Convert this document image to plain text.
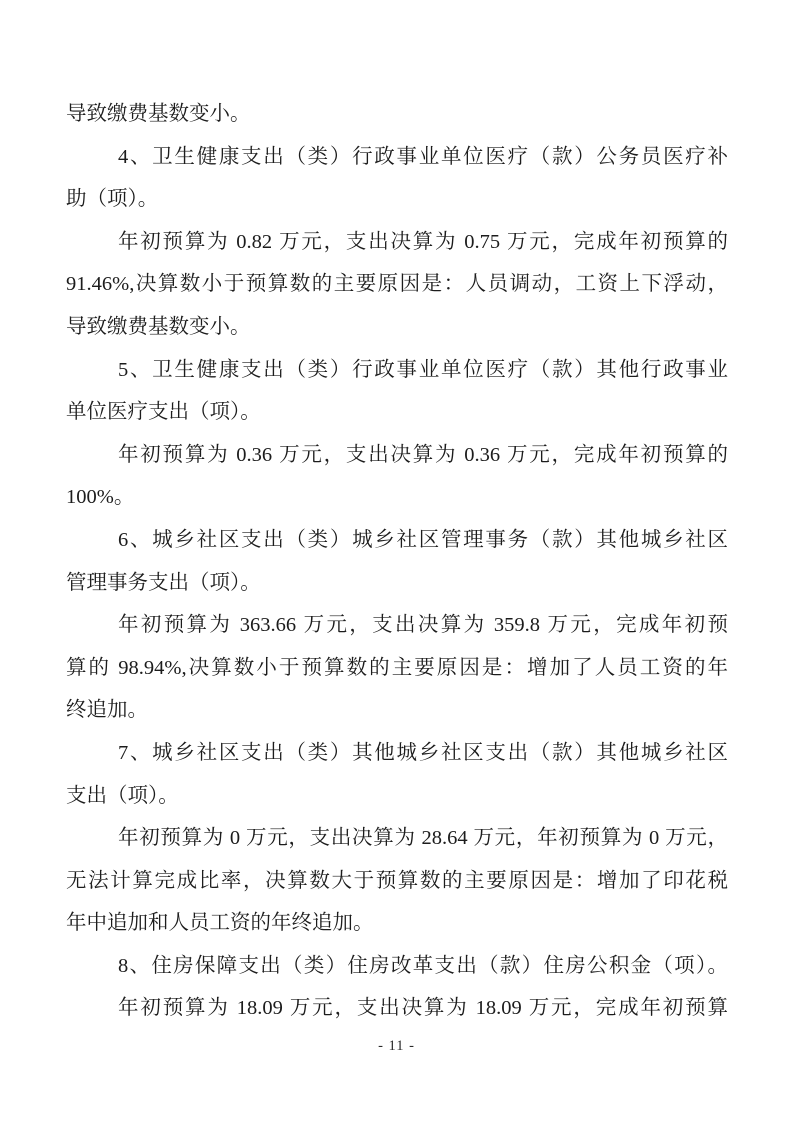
导致缴费基数变小。
4、卫生健康支出（类）行政事业单位医疗（款）公务员医疗补
助（项）。
年初预算为 0.82 万元，支出决算为 0.75 万元，完成年初预算的
91.46%,决算数小于预算数的主要原因是：人员调动，工资上下浮动，
导致缴费基数变小。
5、卫生健康支出（类）行政事业单位医疗（款）其他行政事业
单位医疗支出（项）。
年初预算为 0.36 万元，支出决算为 0.36 万元，完成年初预算的
100%。
6、城乡社区支出（类）城乡社区管理事务（款）其他城乡社区
管理事务支出（项）。
年初预算为 363.66 万元，支出决算为 359.8 万元，完成年初预
算的 98.94%,决算数小于预算数的主要原因是：增加了人员工资的年
终追加。
7、城乡社区支出（类）其他城乡社区支出（款）其他城乡社区
支出（项）。
年初预算为 0 万元，支出决算为 28.64 万元，年初预算为 0 万元，
无法计算完成比率，决算数大于预算数的主要原因是：增加了印花税
年中追加和人员工资的年终追加。
8、住房保障支出（类）住房改革支出（款）住房公积金（项）。
年初预算为 18.09 万元，支出决算为 18.09 万元，完成年初预算
- 11 -
